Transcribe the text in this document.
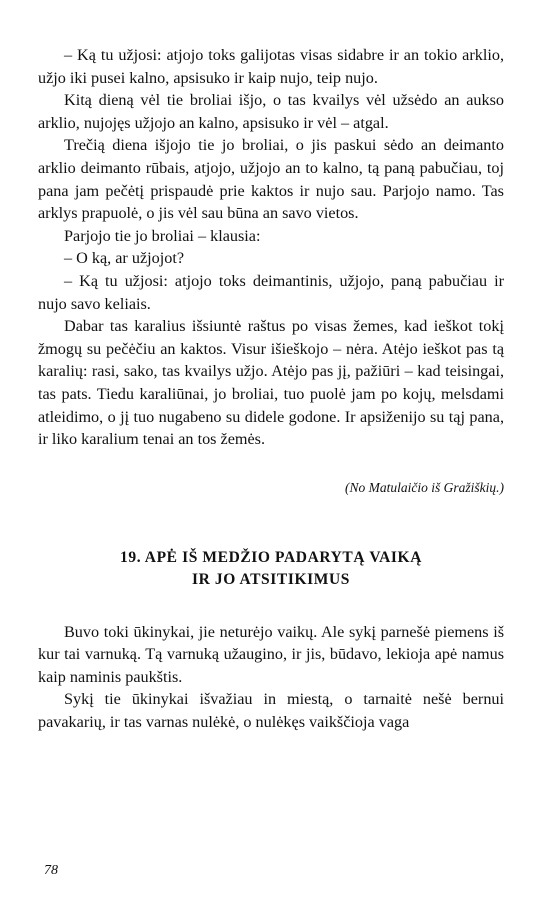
– Ką tu užjosi: atjojo toks galijotas visas sidabre ir an tokio arklio, užjo iki pusei kalno, apsisuko ir kaip nujo, teip nujo.

Kitą dieną vėl tie broliai išjo, o tas kvailys vėl užsėdo an aukso arklio, nujojęs užjojo an kalno, apsisuko ir vėl – atgal.

Trečią diena išjojo tie jo broliai, o jis paskui sėdo an deimanto arklio deimanto rūbais, atjojo, užjojo an to kalno, tą paną pabučiau, toj pana jam pečėtį prispaudė prie kaktos ir nujo sau. Parjojo namo. Tas arklys prapuolė, o jis vėl sau būna an savo vietos.

Parjojo tie jo broliai – klausia:

– O ką, ar užjojot?

– Ką tu užjosi: atjojo toks deimantinis, užjojo, paną pabučiau ir nujo savo keliais.

Dabar tas karalius išsiuntė raštus po visas žemes, kad ieškot tokį žmogų su pečėčiu an kaktos. Visur išieškojo – nėra. Atėjo ieškot pas tą karalių: rasi, sako, tas kvailys užjo. Atėjo pas jį, pažiūri – kad teisingai, tas pats. Tiedu karaliūnai, jo broliai, tuo puolė jam po kojų, melsdami atleidimo, o jį tuo nugabeno su didele godone. Ir apsiženijo su tąj pana, ir liko karalium tenai an tos žemės.

(No Matulaičio iš Gražiškių.)

19. APĖ IŠ MEDŽIO PADARYTĄ VAIKĄ
IR JO ATSITIKIMUS

Buvo toki ūkinykai, jie neturėjo vaikų. Ale sykį parnešė piemens iš kur tai varnuką. Tą varnuką užaugino, ir jis, būdavo, lekioja apė namus kaip naminis paukštis.

Sykį tie ūkinykai išvažiau in miestą, o tarnaitė nešė bernui pavakarių, ir tas varnas nulėkė, o nulėkęs vaikščioja vaga

78
